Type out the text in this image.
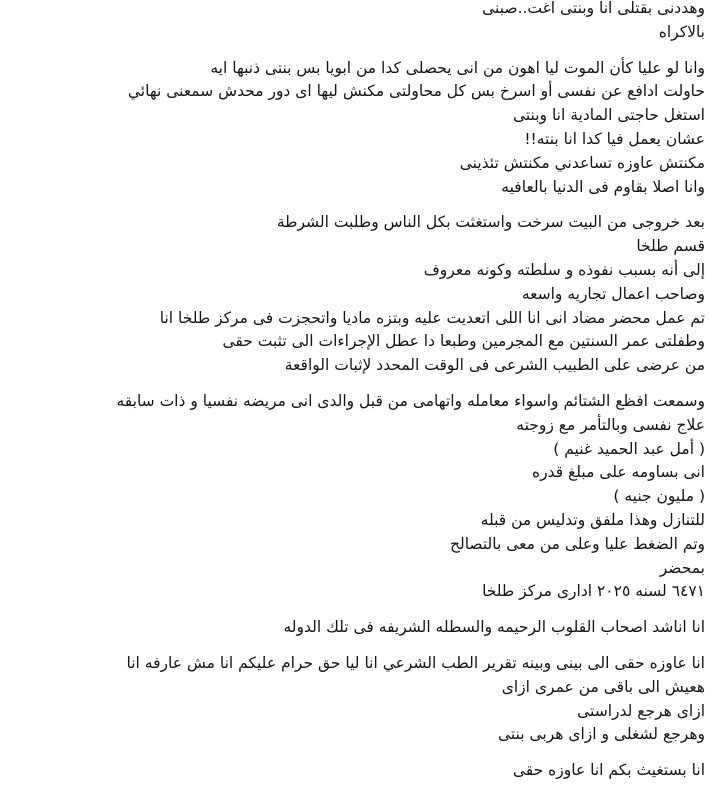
وهددنى بقتلى انا وبنتى اغت..صبنى
بالاكراه

وانا لو عليا كأن الموت ليا اهون من انى يحصلى كدا من ابويا بس بنتى ذنبها ايه
حاولت ادافع عن نفسى أو اسرخ بس كل محاولتى مكنش ليها اى دور محدش سمعنى نهائي
استغل حاجتى المادية انا وبنتى
عشان يعمل فيا كدا انا بنته!!
مكنتش عاوزه تساعدني مكنتش تئذينى
وانا اصلا بقاوم فى الدنيا بالعافيه

بعد خروجى من البيت سرخت واستغثت بكل الناس وطلبت الشرطة
قسم طلخا
إلى أنه بسبب نفوذه و سلطته وكونه معروف
وصاحب اعمال تجاريه واسعه
تم عمل محضر مضاد انى انا اللى اتعديت عليه وبتزه ماديا واتحجزت فى مركز طلخا انا
وطفلتى عمر السنتين مع المجرمين وطبعا دا عطل الإجراءات الى تثبت حقى
من عرضى على الطبيب الشرعى فى الوقت المحدد لإثبات الواقعة

وسمعت افظع الشتائم واسواء معامله واتهامى من قبل والدى انى مريضه نفسيا و ذات سابقه
علاج نفسى وبالتأمر مع زوجته
( أمل عبد الحميد غنيم )
انى بساومه على مبلغ قدره
( مليون جنيه )
للتنازل وهذا ملفق وتدليس من قبله
وتم الضغط عليا وعلى من معى بالتصالح
بمحضر
٦٤٧١ لسنه ٢٠٢٥ ادارى مركز طلخا

انا اناشد اصحاب القلوب الرحيمه والسطله الشريفه فى تلك الدوله

انا عاوزه حقى الى بينى وبينه تقرير الطب الشرعي انا ليا حق حرام عليكم انا مش عارفه انا
هعيش الى باقى من عمرى ازاى
ازاى هرجع لدراستى
وهرجع لشغلى و ازاى هربى بنتى

انا بستغيث بكم انا عاوزه حقى
